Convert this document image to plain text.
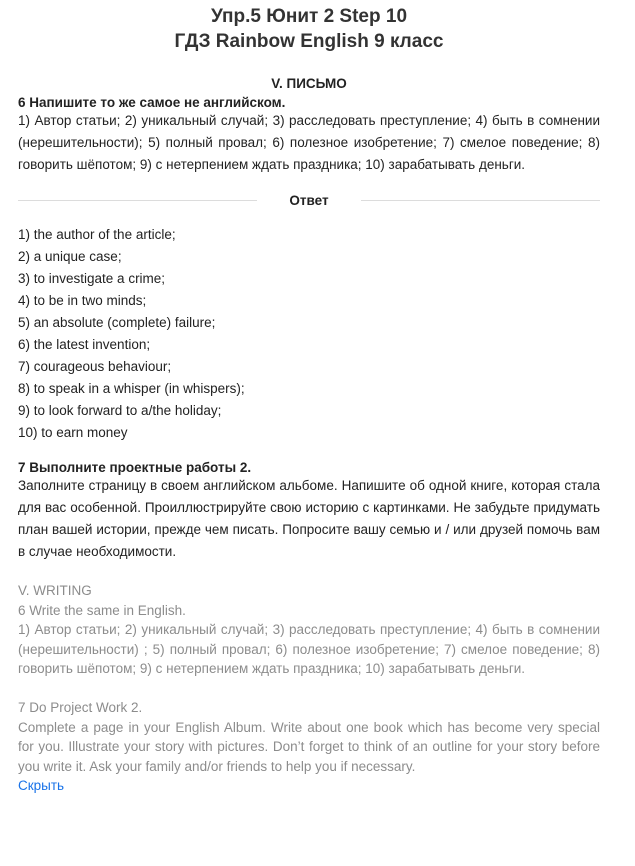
Упр.5 Юнит 2 Step 10
ГДЗ Rainbow English 9 класс
V. ПИСЬМО
6 Напишите то же самое не английском.
1) Автор статьи; 2) уникальный случай; 3) расследовать преступление; 4) быть в сомнении (нерешительности); 5) полный провал; 6) полезное изобретение; 7) смелое поведение; 8) говорить шёпотом; 9) с нетерпением ждать праздника; 10) зарабатывать деньги.
Ответ
1) the author of the article;
2) a unique case;
3) to investigate a crime;
4) to be in two minds;
5) an absolute (complete) failure;
6) the latest invention;
7) courageous behaviour;
8) to speak in a whisper (in whispers);
9) to look forward to a/the holiday;
10) to earn money
7 Выполните проектные работы 2.
Заполните страницу в своем английском альбоме. Напишите об одной книге, которая стала для вас особенной. Проиллюстрируйте свою историю с картинками. Не забудьте придумать план вашей истории, прежде чем писать. Попросите вашу семью и / или друзей помочь вам в случае необходимости.
V. WRITING
6 Write the same in English.
1) Автор статьи; 2) уникальный случай; 3) расследовать преступление; 4) быть в сомнении (нерешительности) ; 5) полный провал; 6) полезное изобретение; 7) смелое поведение; 8) говорить шёпотом; 9) с нетерпением ждать праздника; 10) зарабатывать деньги.
7 Do Project Work 2.
Complete a page in your English Album. Write about one book which has become very special for you. Illustrate your story with pictures. Don’t forget to think of an outline for your story before you write it. Ask your family and/or friends to help you if necessary.
Скрыть
